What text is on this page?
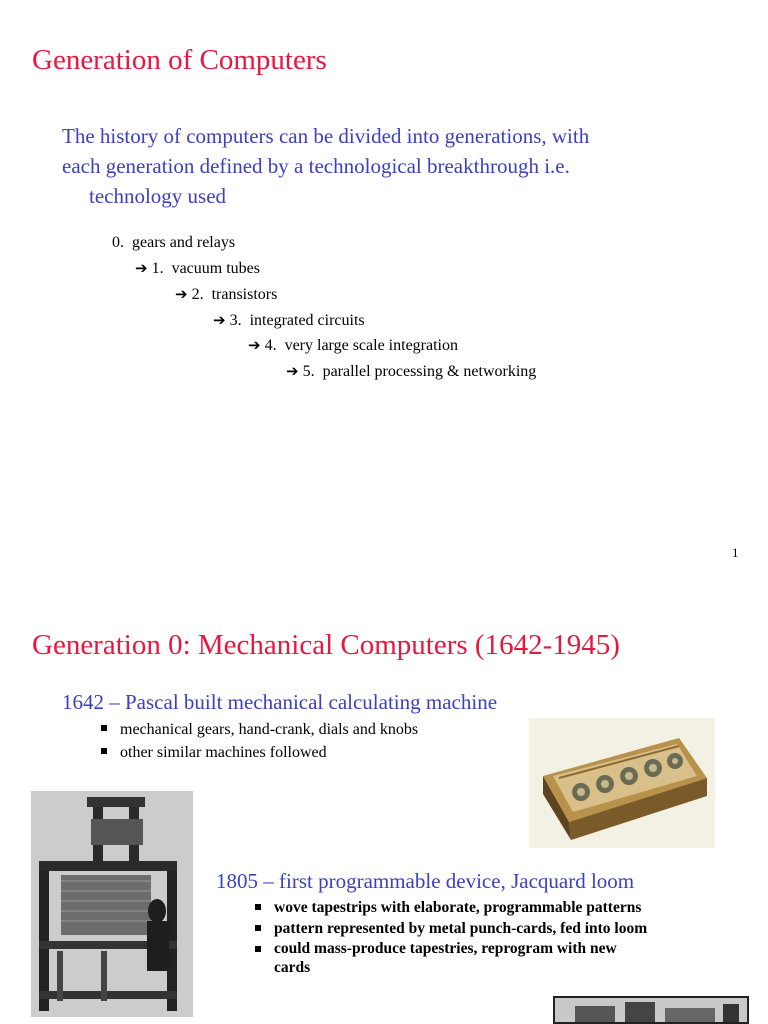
Generation of Computers
The history of computers can be divided into generations, with
each generation defined by a technological breakthrough i.e.
technology used
0. gears and relays
➔ 1. vacuum tubes
➔ 2. transistors
➔ 3. integrated circuits
➔ 4. very large scale integration
➔ 5. parallel processing & networking
1
Generation 0: Mechanical Computers (1642-1945)
1642 – Pascal built mechanical calculating machine
mechanical gears, hand-crank, dials and knobs
other similar machines followed
1805 – first programmable device, Jacquard loom
wove tapestrips with elaborate, programmable patterns
pattern represented by metal punch-cards, fed into loom
could mass-produce tapestries, reprogram with new
cards
